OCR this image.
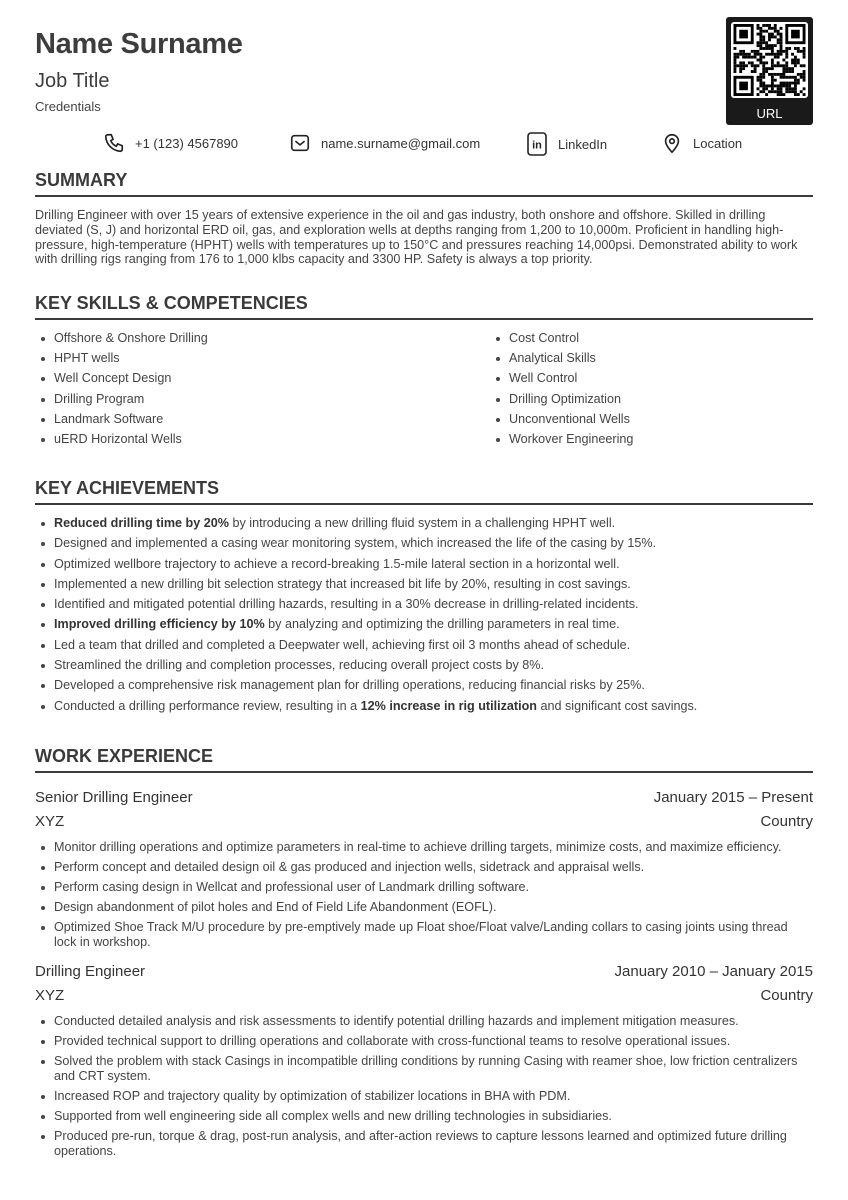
Name Surname
Job Title
Credentials	URL
+1 (123) 4567890	name.surname@gmail.com	in LinkedIn	Location
SUMMARY

Drilling Engineer with over 15 years of extensive experience in the oil and gas industry, both onshore and offshore. Skilled in drilling deviated (S, J) and horizontal ERD oil, gas, and exploration wells at depths ranging from 1,200 to 10,000m. Proficient in handling high-pressure, high-temperature (HPHT) wells with temperatures up to 150°C and pressures reaching 14,000psi. Demonstrated ability to work with drilling rigs ranging from 176 to 1,000 klbs capacity and 3300 HP. Safety is always a top priority.

KEY SKILLS & COMPETENCIES
Offshore & Onshore Drilling
HPHT wells
Well Concept Design
Drilling Program
Landmark Software
uERD Horizontal Wells
Cost Control
Analytical Skills
Well Control
Drilling Optimization
Unconventional Wells
Workover Engineering
KEY ACHIEVEMENTS
Reduced drilling time by 20% by introducing a new drilling fluid system in a challenging HPHT well.
Designed and implemented a casing wear monitoring system, which increased the life of the casing by 15%.
Optimized wellbore trajectory to achieve a record-breaking 1.5-mile lateral section in a horizontal well.
Implemented a new drilling bit selection strategy that increased bit life by 20%, resulting in cost savings.
Identified and mitigated potential drilling hazards, resulting in a 30% decrease in drilling-related incidents.
Improved drilling efficiency by 10% by analyzing and optimizing the drilling parameters in real time.
Led a team that drilled and completed a Deepwater well, achieving first oil 3 months ahead of schedule.
Streamlined the drilling and completion processes, reducing overall project costs by 8%.
Developed a comprehensive risk management plan for drilling operations, reducing financial risks by 25%.
Conducted a drilling performance review, resulting in a 12% increase in rig utilization and significant cost savings.
WORK EXPERIENCE
Senior Drilling Engineer	January 2015 – Present
XYZ	Country
Monitor drilling operations and optimize parameters in real-time to achieve drilling targets, minimize costs, and maximize efficiency.
Perform concept and detailed design oil & gas produced and injection wells, sidetrack and appraisal wells.
Perform casing design in Wellcat and professional user of Landmark drilling software.
Design abandonment of pilot holes and End of Field Life Abandonment (EOFL).
Optimized Shoe Track M/U procedure by pre-emptively made up Float shoe/Float valve/Landing collars to casing joints using thread lock in workshop.
Drilling Engineer	January 2010 – January 2015
XYZ	Country
Conducted detailed analysis and risk assessments to identify potential drilling hazards and implement mitigation measures.
Provided technical support to drilling operations and collaborate with cross-functional teams to resolve operational issues.
Solved the problem with stack Casings in incompatible drilling conditions by running Casing with reamer shoe, low friction centralizers and CRT system.
Increased ROP and trajectory quality by optimization of stabilizer locations in BHA with PDM.
Supported from well engineering side all complex wells and new drilling technologies in subsidiaries.
Produced pre-run, torque & drag, post-run analysis, and after-action reviews to capture lessons learned and optimized future drilling operations.
